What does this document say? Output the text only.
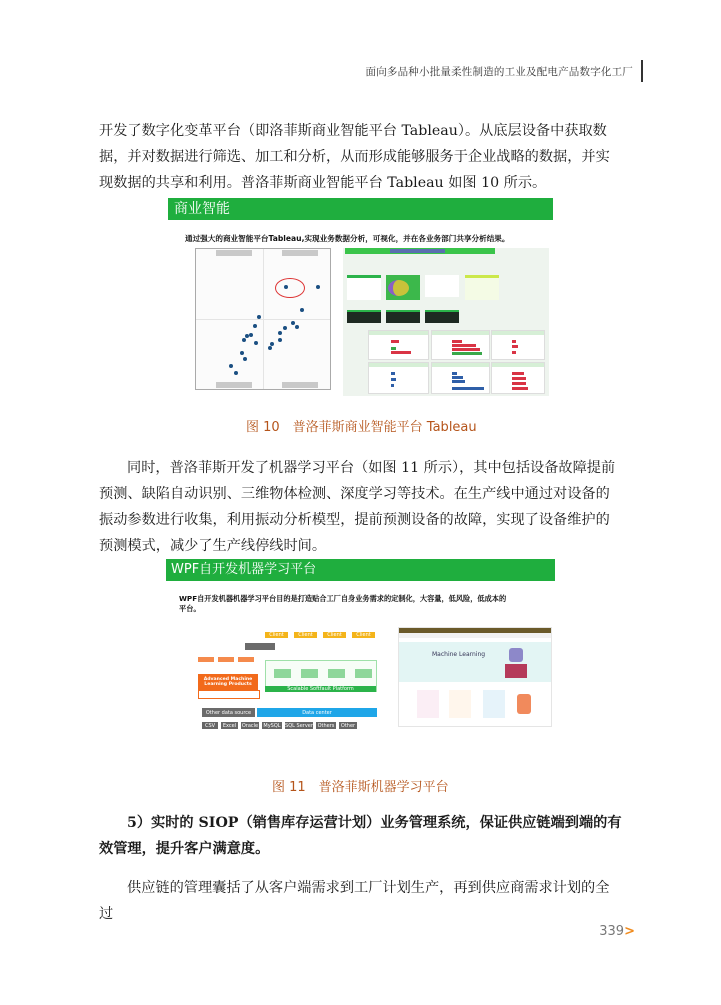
面向多品种小批量柔性制造的工业及配电产品数字化工厂

开发了数字化变革平台（即洛菲斯商业智能平台 Tableau）。从底层设备中获取数据，并对数据进行筛选、加工和分析，从而形成能够服务于企业战略的数据，并实现数据的共享和利用。普洛菲斯商业智能平台 Tableau 如图 10 所示。

商业智能
通过强大的商业智能平台Tableau,实现业务数据分析，可视化，并在各业务部门共享分析结果。
图 10　普洛菲斯商业智能平台 Tableau

同时，普洛菲斯开发了机器学习平台（如图 11 所示），其中包括设备故障提前预测、缺陷自动识别、三维物体检测、深度学习等技术。在生产线中通过对设备的振动参数进行收集，利用振动分析模型，提前预测设备的故障，实现了设备维护的预测模式，减少了生产线停线时间。

WPF自开发机器学习平台
WPF自开发机器机器学习平台目的是打造贴合工厂自身业务需求的定制化，大容量，低风险，低成本的平台。
Client	Client	Client	Client
Advanced Machine Learning Products
Scalable Softfault Platform
Other data source	Data center
CSV	Excel	Oracle MySQL SQL Server Others	Other
Machine Learning
图 11　普洛菲斯机器学习平台

5）实时的 SIOP（销售库存运营计划）业务管理系统，保证供应链端到端的有效管理，提升客户满意度。

供应链的管理囊括了从客户端需求到工厂计划生产，再到供应商需求计划的全过

339>
